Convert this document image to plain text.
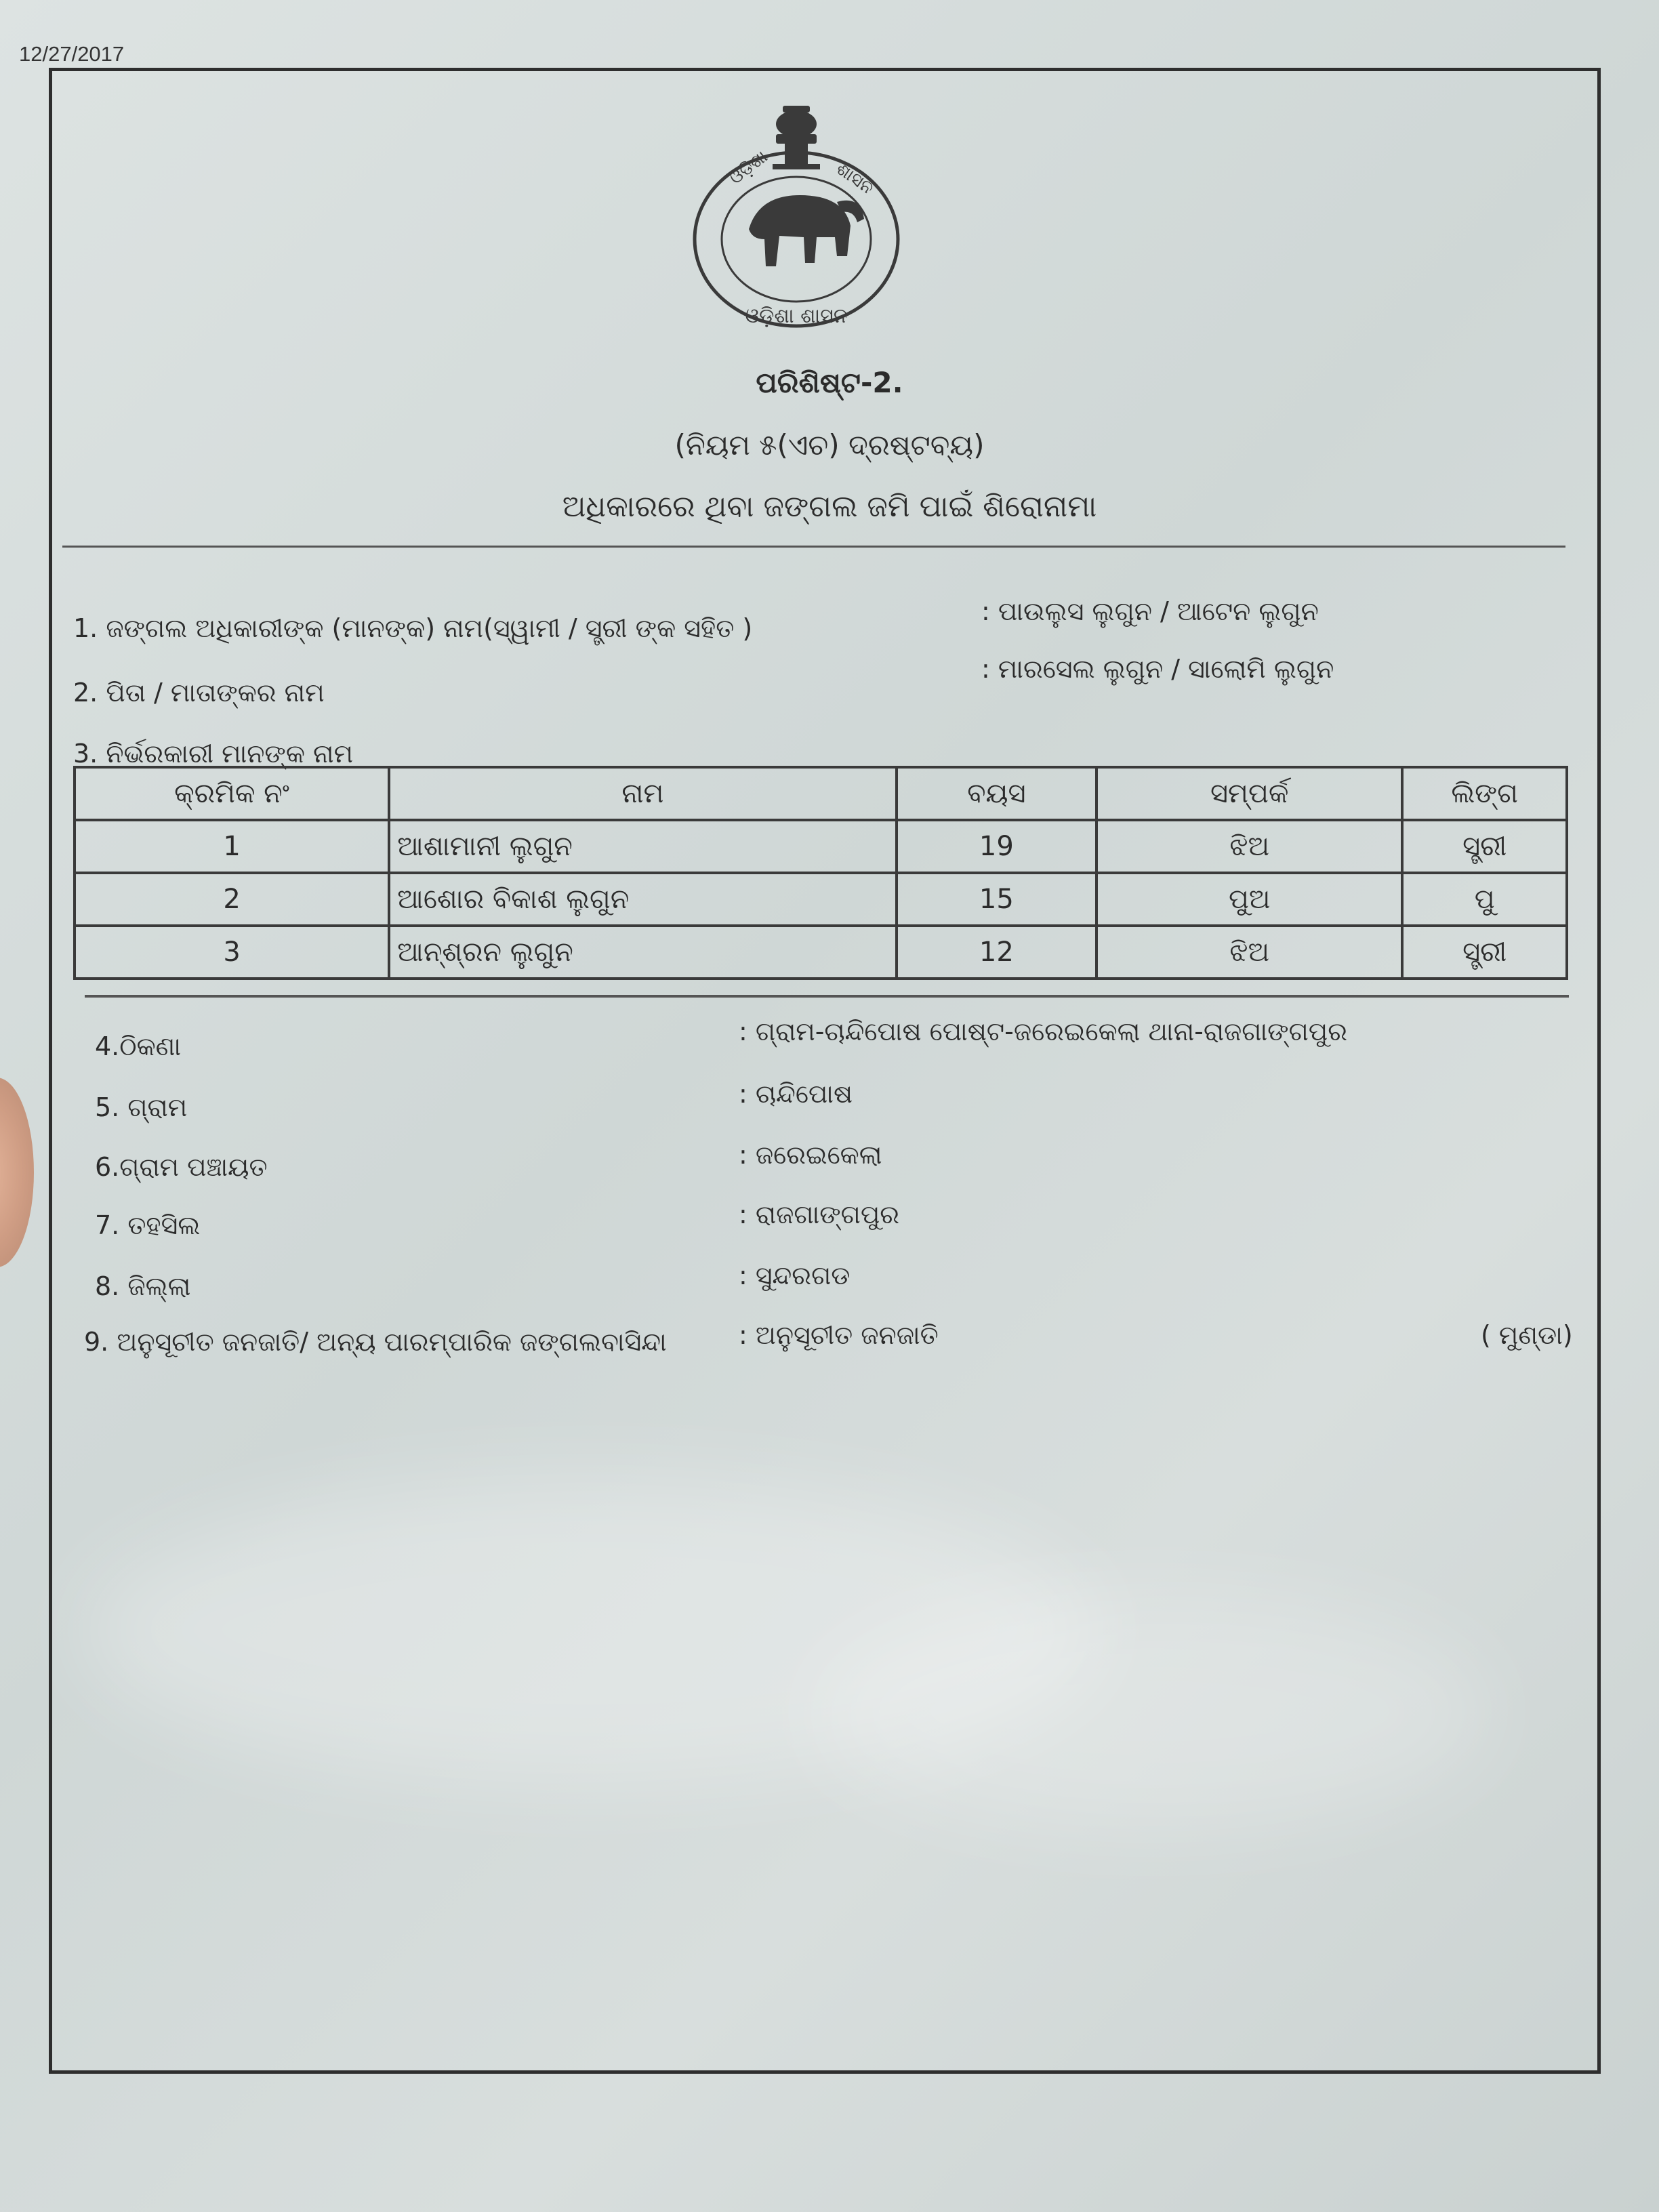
12/27/2017
ଓଡ଼ିଶା	ଶାସନ
ଓଡ଼ିଶା ଶାସନ
ପରିଶିଷ୍ଟ-2.
(ନିୟମ ୫(ଏଚ) ଦ୍ରଷ୍ଟବ୍ୟ)
ଅଧିକାରରେ ଥିବା ଜଙ୍ଗଲ ଜମି ପାଇଁ ଶିରୋନାମା
1. ଜଙ୍ଗଲ ଅଧିକାରୀଙ୍କ (ମାନଙ୍କ) ନାମ(ସ୍ୱାମୀ / ସ୍ତ୍ରୀ ଙ୍କ ସହିତ )
: ପାଉଲୁସ ଲୁଗୁନ / ଆଟେନ ଲୁଗୁନ
2. ପିତା / ମାତାଙ୍କର ନାମ
: ମାରସେଲ ଲୁଗୁନ / ସାଲୋମି ଲୁଗୁନ
3. ନିର୍ଭରକାରୀ ମାନଙ୍କ ନାମ
କ୍ରମିକ ନଂ	ନାମ	ବୟସ	ସମ୍ପର୍କ	ଲିଙ୍ଗ
1	ଆଶାମାନୀ ଲୁଗୁନ	19	ଝିଅ	ସ୍ତ୍ରୀ
2	ଆଶୋର ବିକାଶ ଲୁଗୁନ	15	ପୁଅ	ପୁ
3	ଆନ୍ଶ୍ରନ ଲୁଗୁନ	12	ଝିଅ	ସ୍ତ୍ରୀ
4.ଠିକଣା	: ଗ୍ରାମ-ଚାନ୍ଦିପୋଷ ପୋଷ୍ଟ-ଜରେଇକେଲା ଥାନା-ରାଜଗାଙ୍ଗପୁର
5. ଗ୍ରାମ	: ଚାନ୍ଦିପୋଷ
6.ଗ୍ରାମ ପଞ୍ଚାୟତ	: ଜରେଇକେଲା
7. ତହସିଲ	: ରାଜଗାଙ୍ଗପୁର
8. ଜିଲ୍ଲା	: ସୁନ୍ଦରଗଡ
9. ଅନୁସୂଚୀତ ଜନଜାତି/ ଅନ୍ୟ ପାରମ୍ପାରିକ ଜଙ୍ଗଲବାସିନ୍ଦା	: ଅନୁସୂଚୀତ ଜନଜାତି	( ମୁଣ୍ଡା)
